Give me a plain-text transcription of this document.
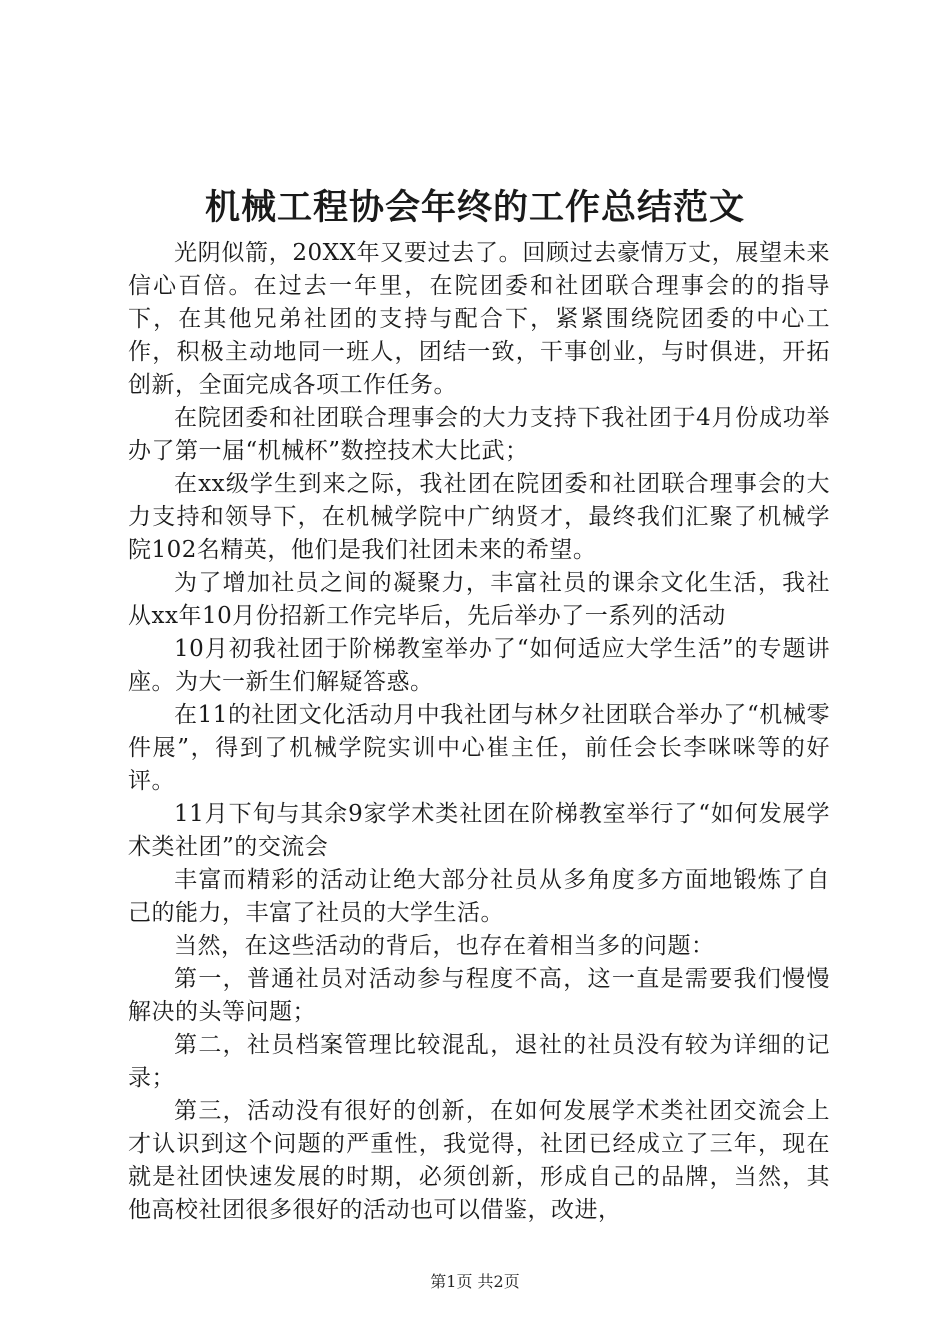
机械工程协会年终的工作总结范文

光阴似箭，20XX年又要过去了。回顾过去豪情万丈，展望未来信心百倍。在过去一年里，在院团委和社团联合理事会的的指导下，在其他兄弟社团的支持与配合下，紧紧围绕院团委的中心工作，积极主动地同一班人，团结一致，干事创业，与时俱进，开拓创新，全面完成各项工作任务。

在院团委和社团联合理事会的大力支持下我社团于4月份成功举办了第一届“机械杯”数控技术大比武；

在xx级学生到来之际，我社团在院团委和社团联合理事会的大力支持和领导下，在机械学院中广纳贤才，最终我们汇聚了机械学院102名精英，他们是我们社团未来的希望。

为了增加社员之间的凝聚力，丰富社员的课余文化生活，我社从xx年10月份招新工作完毕后，先后举办了一系列的活动

10月初我社团于阶梯教室举办了“如何适应大学生活”的专题讲座。为大一新生们解疑答惑。

在11的社团文化活动月中我社团与林夕社团联合举办了“机械零件展”，得到了机械学院实训中心崔主任，前任会长李咪咪等的好评。

11月下旬与其余9家学术类社团在阶梯教室举行了“如何发展学术类社团”的交流会

丰富而精彩的活动让绝大部分社员从多角度多方面地锻炼了自己的能力，丰富了社员的大学生活。

当然，在这些活动的背后，也存在着相当多的问题：

第一，普通社员对活动参与程度不高，这一直是需要我们慢慢解决的头等问题；

第二，社员档案管理比较混乱，退社的社员没有较为详细的记录；

第三，活动没有很好的创新，在如何发展学术类社团交流会上才认识到这个问题的严重性，我觉得，社团已经成立了三年，现在就是社团快速发展的时期，必须创新，形成自己的品牌，当然，其他高校社团很多很好的活动也可以借鉴，改进，

第1页 共2页
